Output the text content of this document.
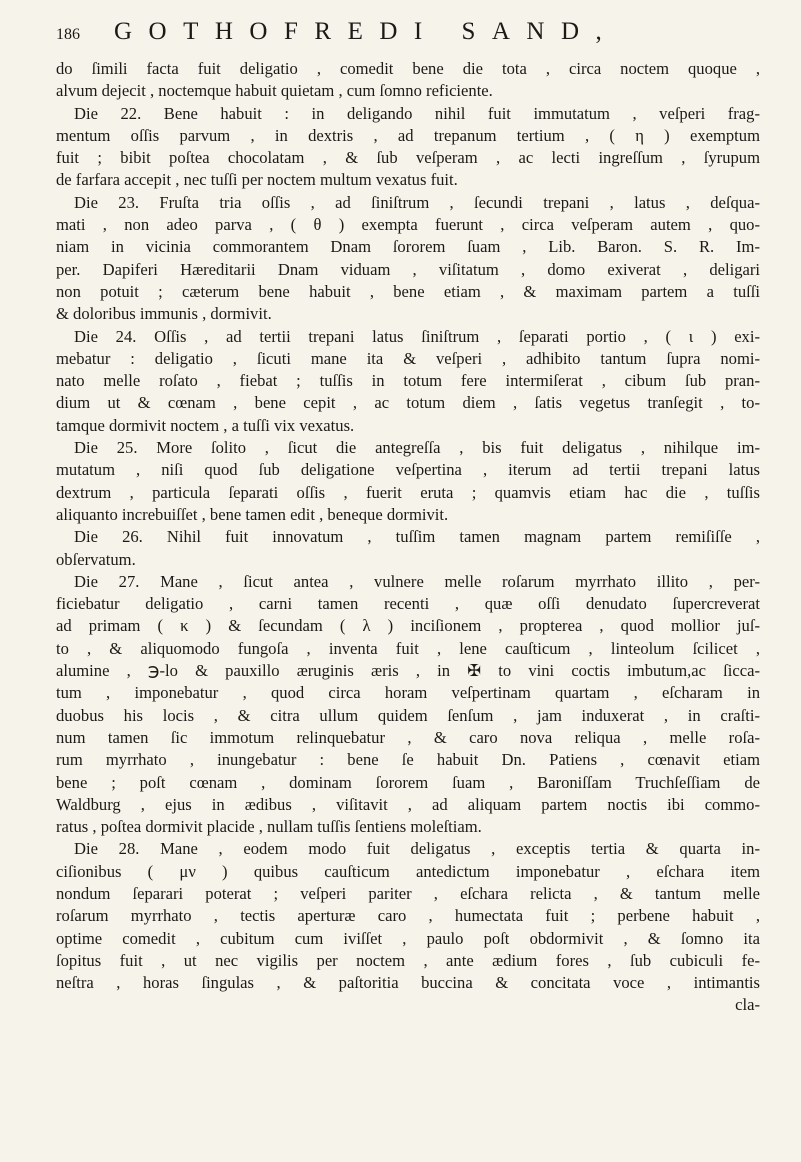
186 GOTHOFREDI SAND,
do ſimili facta fuit deligatio , comedit bene die tota , circa noctem quoque ,
alvum dejecit , noctemque habuit quietam , cum ſomno reficiente.
Die 22. Bene habuit : in deligando nihil fuit immutatum , veſperi frag-
mentum oſſis parvum , in dextris , ad trepanum tertium , ( η ) exemptum
fuit ; bibit poſtea chocolatam , & ſub veſperam , ac lecti ingreſſum , ſyrupum
de farfara accepit , nec tuſſi per noctem multum vexatus fuit.
Die 23. Fruſta tria oſſis , ad ſiniſtrum , ſecundi trepani , latus , deſqua-
mati , non adeo parva , ( θ ) exempta fuerunt , circa veſperam autem , quo-
niam in vicinia commorantem Dnam ſororem ſuam , Lib. Baron. S. R. Im-
per. Dapiferi Hæreditarii Dnam viduam , viſitatum , domo exiverat , deligari
non potuit ; cæterum bene habuit , bene etiam , & maximam partem a tuſſi
& doloribus immunis , dormivit.
Die 24. Oſſis , ad tertii trepani latus ſiniſtrum , ſeparati portio , ( ι ) exi-
mebatur : deligatio , ſicuti mane ita & veſperi , adhibito tantum ſupra nomi-
nato melle roſato , fiebat ; tuſſis in totum fere intermiſerat , cibum ſub pran-
dium ut & cœnam , bene cepit , ac totum diem , ſatis vegetus tranſegit , to-
tamque dormivit noctem , a tuſſi vix vexatus.
Die 25. More ſolito , ſicut die antegreſſa , bis fuit deligatus , nihilque im-
mutatum , niſi quod ſub deligatione veſpertina , iterum ad tertii trepani latus
dextrum , particula ſeparati oſſis , fuerit eruta ; quamvis etiam hac die , tuſſis
aliquanto increbuiſſet , bene tamen edit , beneque dormivit.
Die 26. Nihil fuit innovatum , tuſſim tamen magnam partem remiſiſſe ,
obſervatum.
Die 27. Mane , ſicut antea , vulnere melle roſarum myrrhato illito , per-
ficiebatur deligatio , carni tamen recenti , quæ oſſi denudato ſupercreverat
ad primam ( κ ) & ſecundam ( λ ) inciſionem , propterea , quod mollior juſ-
to , & aliquomodo fungoſa , inventa fuit , lene cauſticum , linteolum ſcilicet ,
alumine , ℈-lo & pauxillo æruginis æris , in ✠ to vini coctis imbutum,ac ſicca-
tum , imponebatur , quod circa horam veſpertinam quartam , eſcharam in
duobus his locis , & citra ullum quidem ſenſum , jam induxerat , in craſti-
num tamen ſic immotum relinquebatur , & caro nova reliqua , melle roſa-
rum myrrhato , inungebatur : bene ſe habuit Dn. Patiens , cœnavit etiam
bene ; poſt cœnam , dominam ſororem ſuam , Baroniſſam Truchſeſſiam de
Waldburg , ejus in ædibus , viſitavit , ad aliquam partem noctis ibi commo-
ratus , poſtea dormivit placide , nullam tuſſis ſentiens moleſtiam.
Die 28. Mane , eodem modo fuit deligatus , exceptis tertia & quarta in-
ciſionibus ( μν ) quibus cauſticum antedictum imponebatur , eſchara item
nondum ſeparari poterat ; veſperi pariter , eſchara relicta , & tantum melle
roſarum myrrhato , tectis aperturæ caro , humectata fuit ; perbene habuit ,
optime comedit , cubitum cum iviſſet , paulo poſt obdormivit , & ſomno ita
ſopitus fuit , ut nec vigilis per noctem , ante ædium fores , ſub cubiculi fe-
neſtra , horas ſingulas , & paſtoritia buccina & concitata voce , intimantis
cla-
